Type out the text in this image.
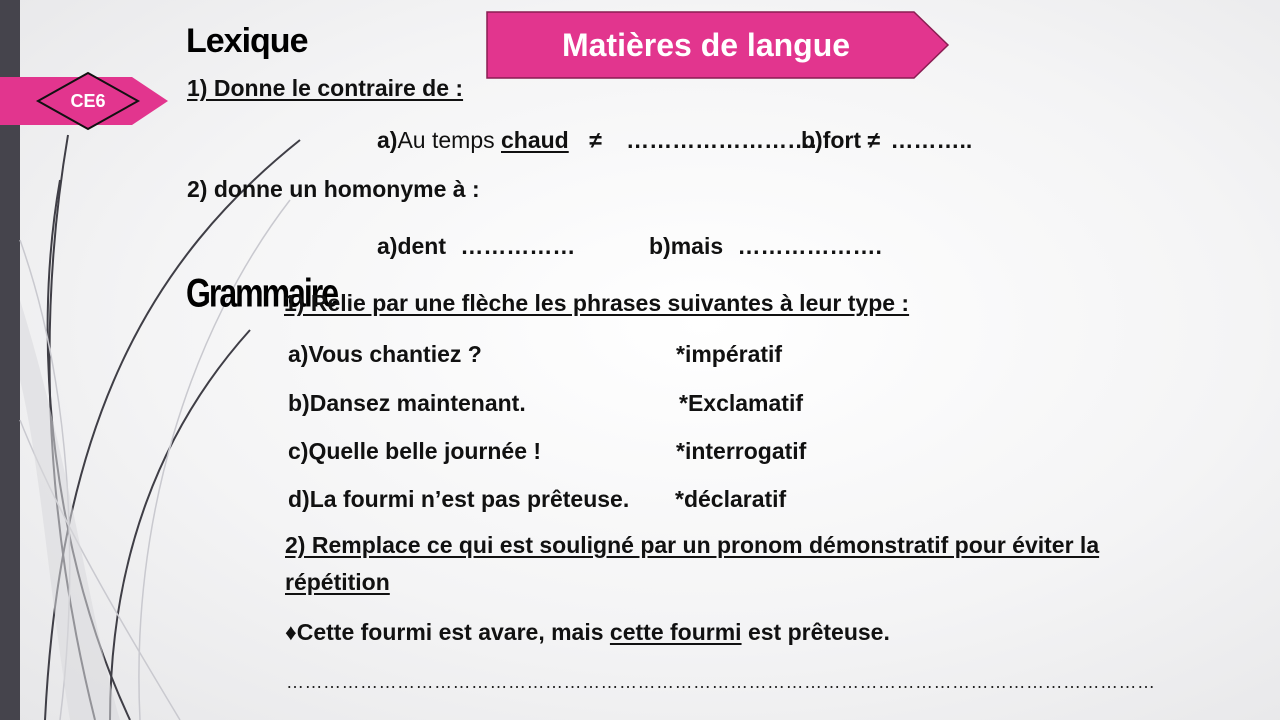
CE6
Matières de langue
Lexique
1) Donne le contraire de :
a)Au temps chaud ≠ …………………….
b)fort ≠ ………..
2) donne un homonyme à :
a)dent ……………	b)mais ……………….
Grammaire
1) Relie par une flèche les phrases suivantes à leur type :
a)Vous chantiez ?
b)Dansez maintenant.
c)Quelle belle journée !
d)La fourmi n’est pas prêteuse.
*impératif
*Exclamatif
*interrogatif
*déclaratif
2) Remplace ce qui est souligné par un pronom démonstratif pour éviter la
répétition
♦Cette fourmi est avare, mais cette fourmi est prêteuse.
……………………………………………………………………………………………………………………………
